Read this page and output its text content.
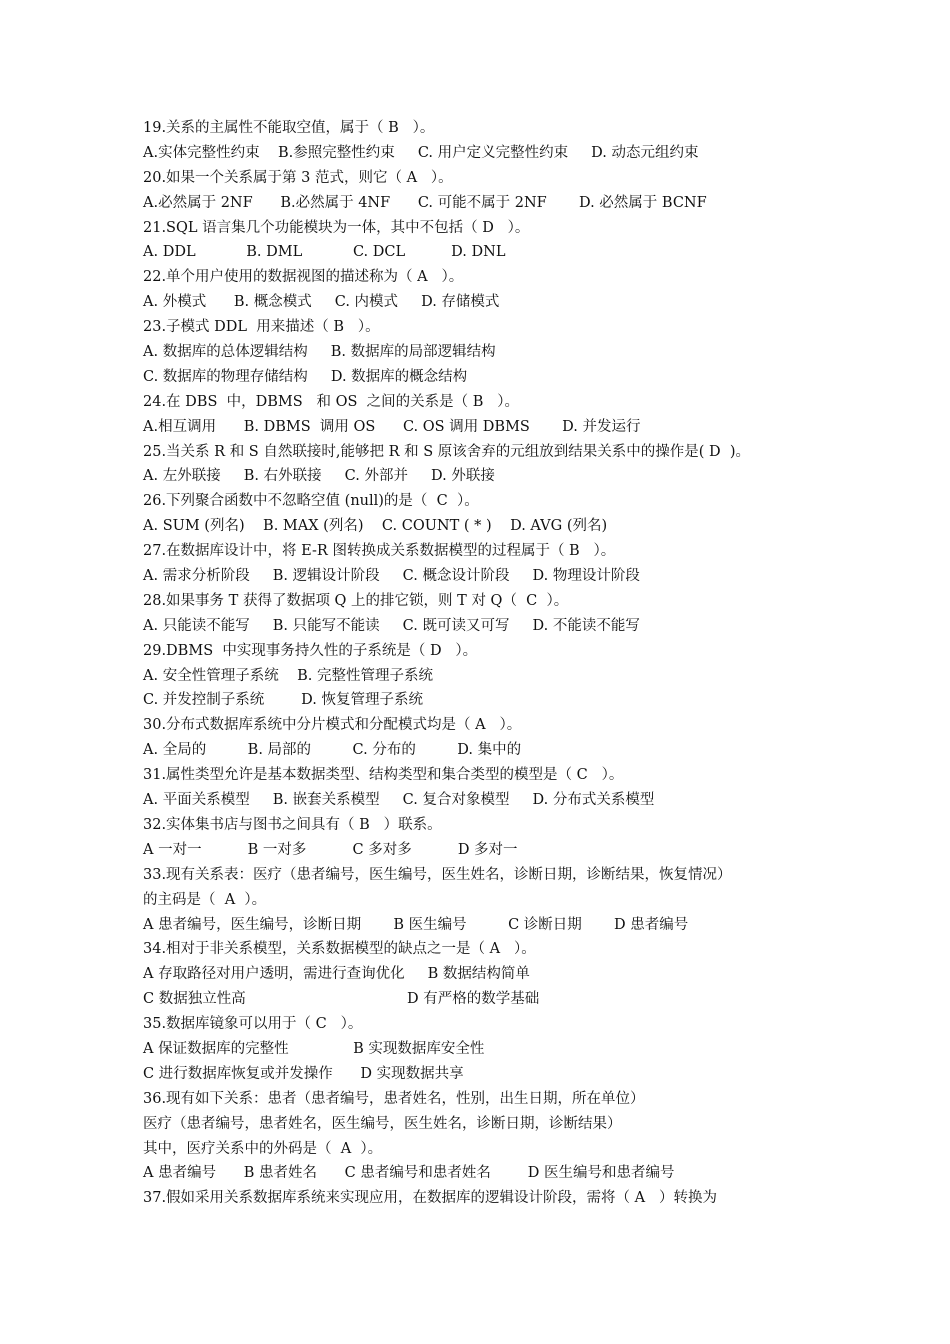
19.关系的主属性不能取空值，属于（ B   ）。
A.实体完整性约束    B.参照完整性约束     C. 用户定义完整性约束     D. 动态元组约束
20.如果一个关系属于第 3 范式，则它（ A   ）。
A.必然属于 2NF      B.必然属于 4NF      C. 可能不属于 2NF       D. 必然属于 BCNF
21.SQL 语言集几个功能模块为一体，其中不包括（ D   ）。
A. DDL           B. DML           C. DCL          D. DNL
22.单个用户使用的数据视图的描述称为（ A   ）。
A. 外模式      B. 概念模式     C. 内模式     D. 存储模式
23.子模式 DDL  用来描述（ B   ）。
A. 数据库的总体逻辑结构     B. 数据库的局部逻辑结构
C. 数据库的物理存储结构     D. 数据库的概念结构
24.在 DBS  中，DBMS   和 OS  之间的关系是（ B   ）。
A.相互调用      B. DBMS  调用 OS      C. OS 调用 DBMS       D. 并发运行
25.当关系 R 和 S 自然联接时,能够把 R 和 S 原该舍弃的元组放到结果关系中的操作是( D  )。
A. 左外联接     B. 右外联接     C. 外部并     D. 外联接
26.下列聚合函数中不忽略空值 (null)的是（  C  ）。
A. SUM (列名)    B. MAX (列名)    C. COUNT ( * )    D. AVG (列名)
27.在数据库设计中，将 E-R 图转换成关系数据模型的过程属于（ B   ）。
A. 需求分析阶段     B. 逻辑设计阶段     C. 概念设计阶段     D. 物理设计阶段
28.如果事务 T 获得了数据项 Q 上的排它锁，则 T 对 Q（  C  ）。
A. 只能读不能写     B. 只能写不能读     C. 既可读又可写     D. 不能读不能写
29.DBMS  中实现事务持久性的子系统是（ D   ）。
A. 安全性管理子系统    B. 完整性管理子系统
C. 并发控制子系统        D. 恢复管理子系统
30.分布式数据库系统中分片模式和分配模式均是（ A   ）。
A. 全局的         B. 局部的         C. 分布的         D. 集中的
31.属性类型允许是基本数据类型、结构类型和集合类型的模型是（ C   ）。
A. 平面关系模型     B. 嵌套关系模型     C. 复合对象模型     D. 分布式关系模型
32.实体集书店与图书之间具有（ B   ）联系。
A 一对一          B 一对多          C 多对多          D 多对一
33.现有关系表：医疗（患者编号，医生编号，医生姓名，诊断日期，诊断结果，恢复情况）
的主码是（  A  ）。
A 患者编号，医生编号，诊断日期       B 医生编号         C 诊断日期       D 患者编号
34.相对于非关系模型，关系数据模型的缺点之一是（ A   ）。
A 存取路径对用户透明，需进行查询优化     B 数据结构简单
C 数据独立性高                                   D 有严格的数学基础
35.数据库镜象可以用于（ C   ）。
A 保证数据库的完整性              B 实现数据库安全性
C 进行数据库恢复或并发操作      D 实现数据共享
36.现有如下关系：患者（患者编号，患者姓名，性别，出生日期，所在单位）
医疗（患者编号，患者姓名，医生编号，医生姓名，诊断日期，诊断结果）
其中，医疗关系中的外码是（  A  ）。
A 患者编号      B 患者姓名      C 患者编号和患者姓名        D 医生编号和患者编号
37.假如采用关系数据库系统来实现应用，在数据库的逻辑设计阶段，需将（ A   ）转换为
